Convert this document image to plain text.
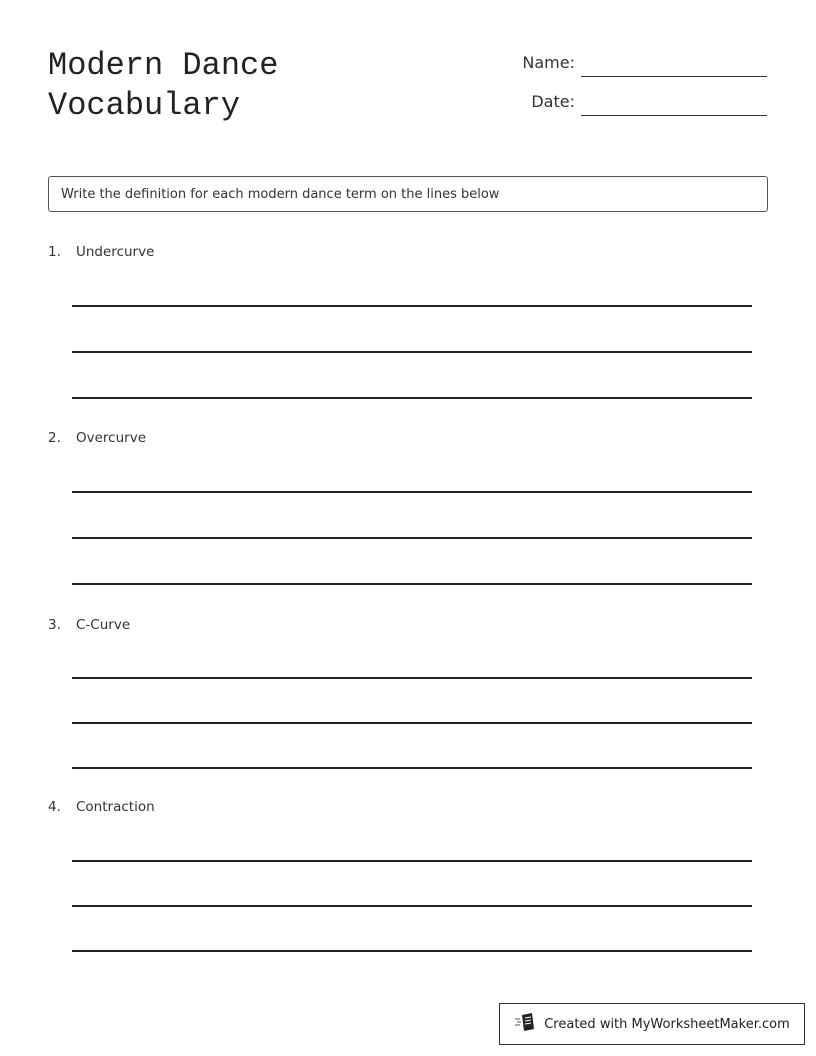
Modern Dance
Vocabulary
Name:
Date:
Write the definition for each modern dance term on the lines below
1. Undercurve
2. Overcurve
3. C-Curve
4. Contraction
Created with MyWorksheetMaker.com
